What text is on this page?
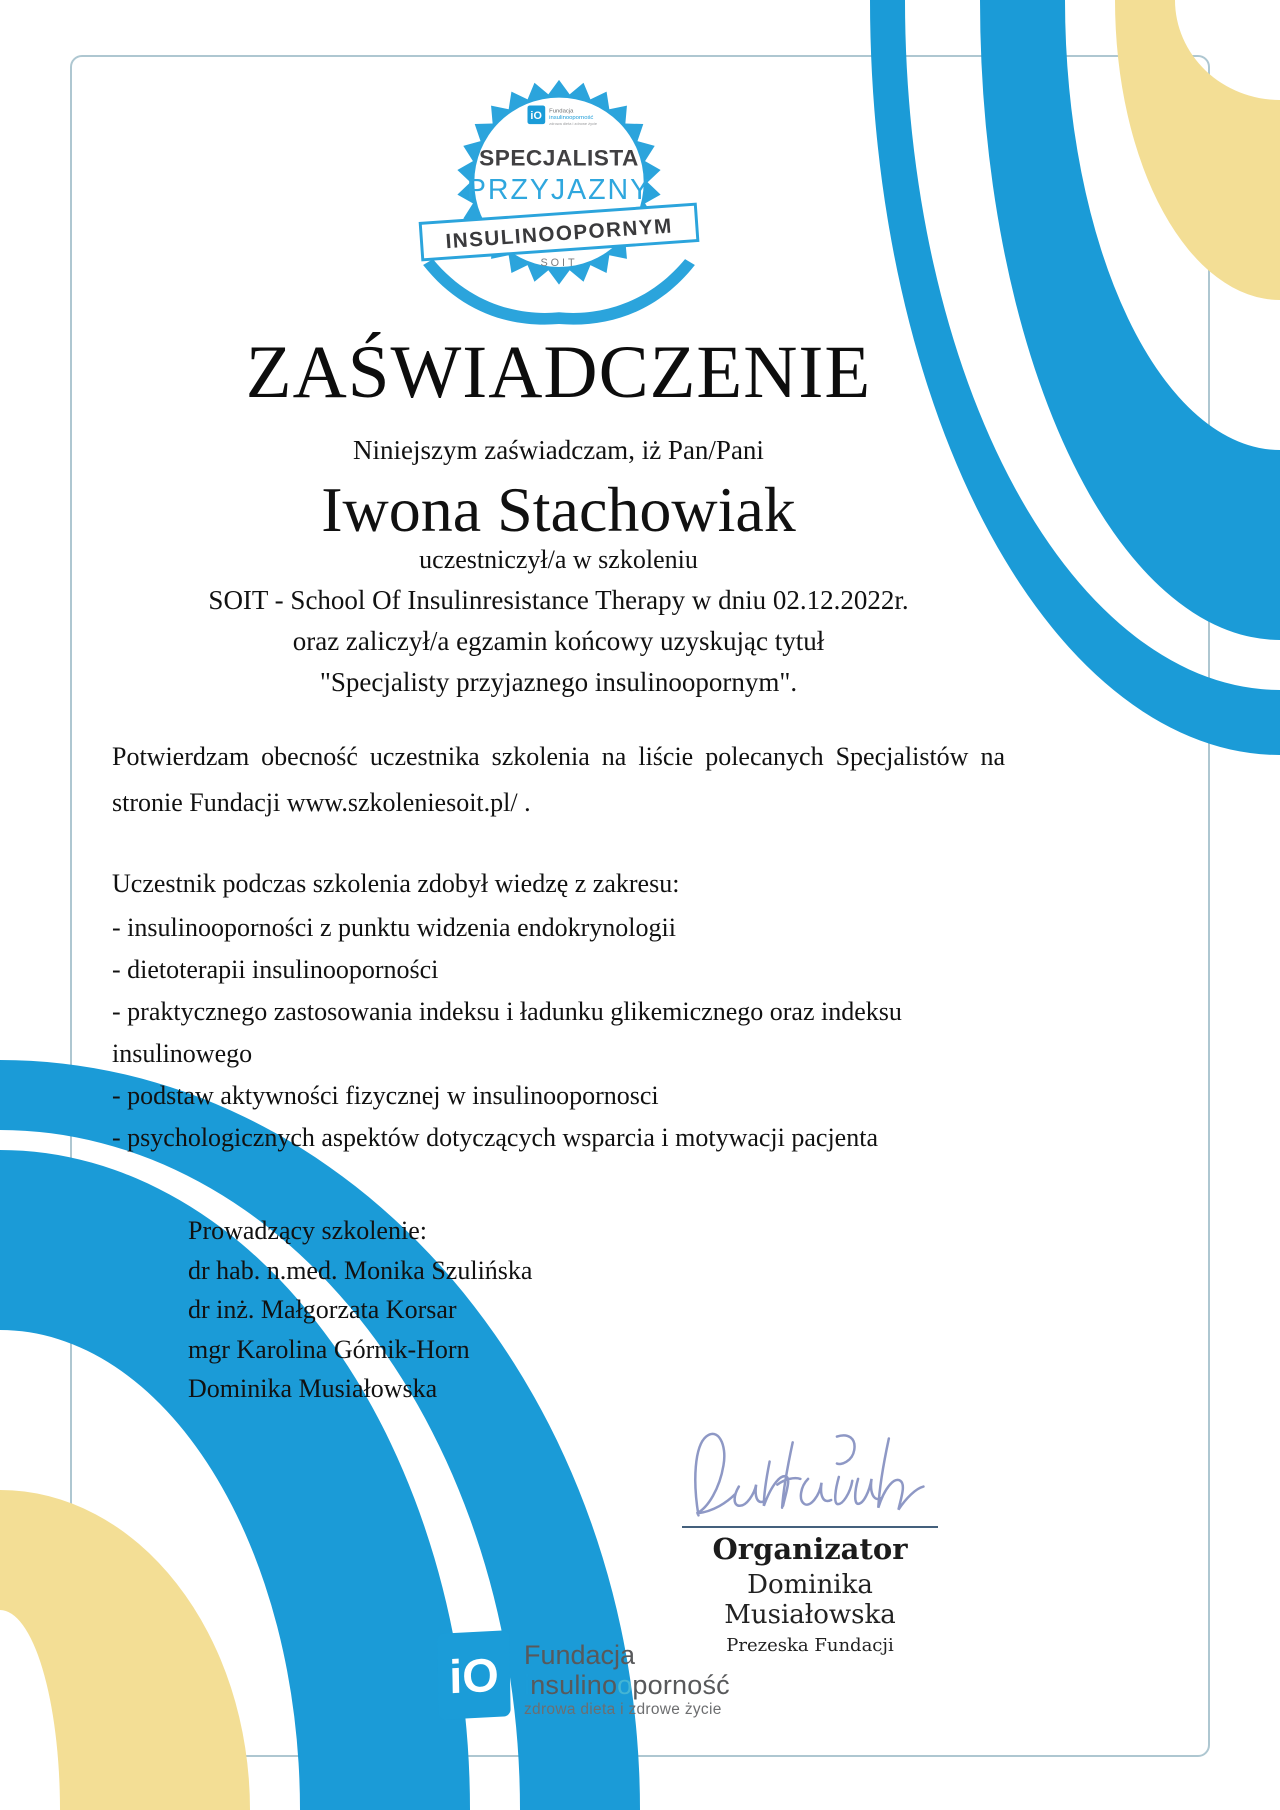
iO Fundacja
insulinooporność
zdrowa dieta i zdrowe życie
SPECJALISTA
PRZYJAZNY
INSULINOOPORNYM
SOIT
ZAŚWIADCZENIE

Niniejszym zaświadczam, iż Pan/Pani

Iwona Stachowiak

uczestniczył/a w szkoleniu

SOIT - School Of Insulinresistance Therapy w dniu 02.12.2022r.

oraz zaliczył/a egzamin końcowy uzyskując tytuł

"Specjalisty przyjaznego insulinoopornym".

Potwierdzam obecność uczestnika szkolenia na liście polecanych Specjalistów na stronie Fundacji www.szkoleniesoit.pl/ .

Uczestnik podczas szkolenia zdobył wiedzę z zakresu:

- insulinooporności z punktu widzenia endokrynologii
- dietoterapii insulinooporności
- praktycznego zastosowania indeksu i ładunku glikemicznego oraz indeksu insulinowego
- podstaw aktywności fizycznej w insulinoopornosci
- psychologicznych aspektów dotyczących wsparcia i motywacji pacjenta
Prowadzący szkolenie:
dr hab. n.med. Monika Szulińska
dr inż. Małgorzata Korsar
mgr Karolina Górnik-Horn
Dominika Musiałowska
Organizator
Dominika Musiałowska
Prezeska Fundacji
iO Fundacja
insulinooporność
zdrowa dieta i zdrowe życie
